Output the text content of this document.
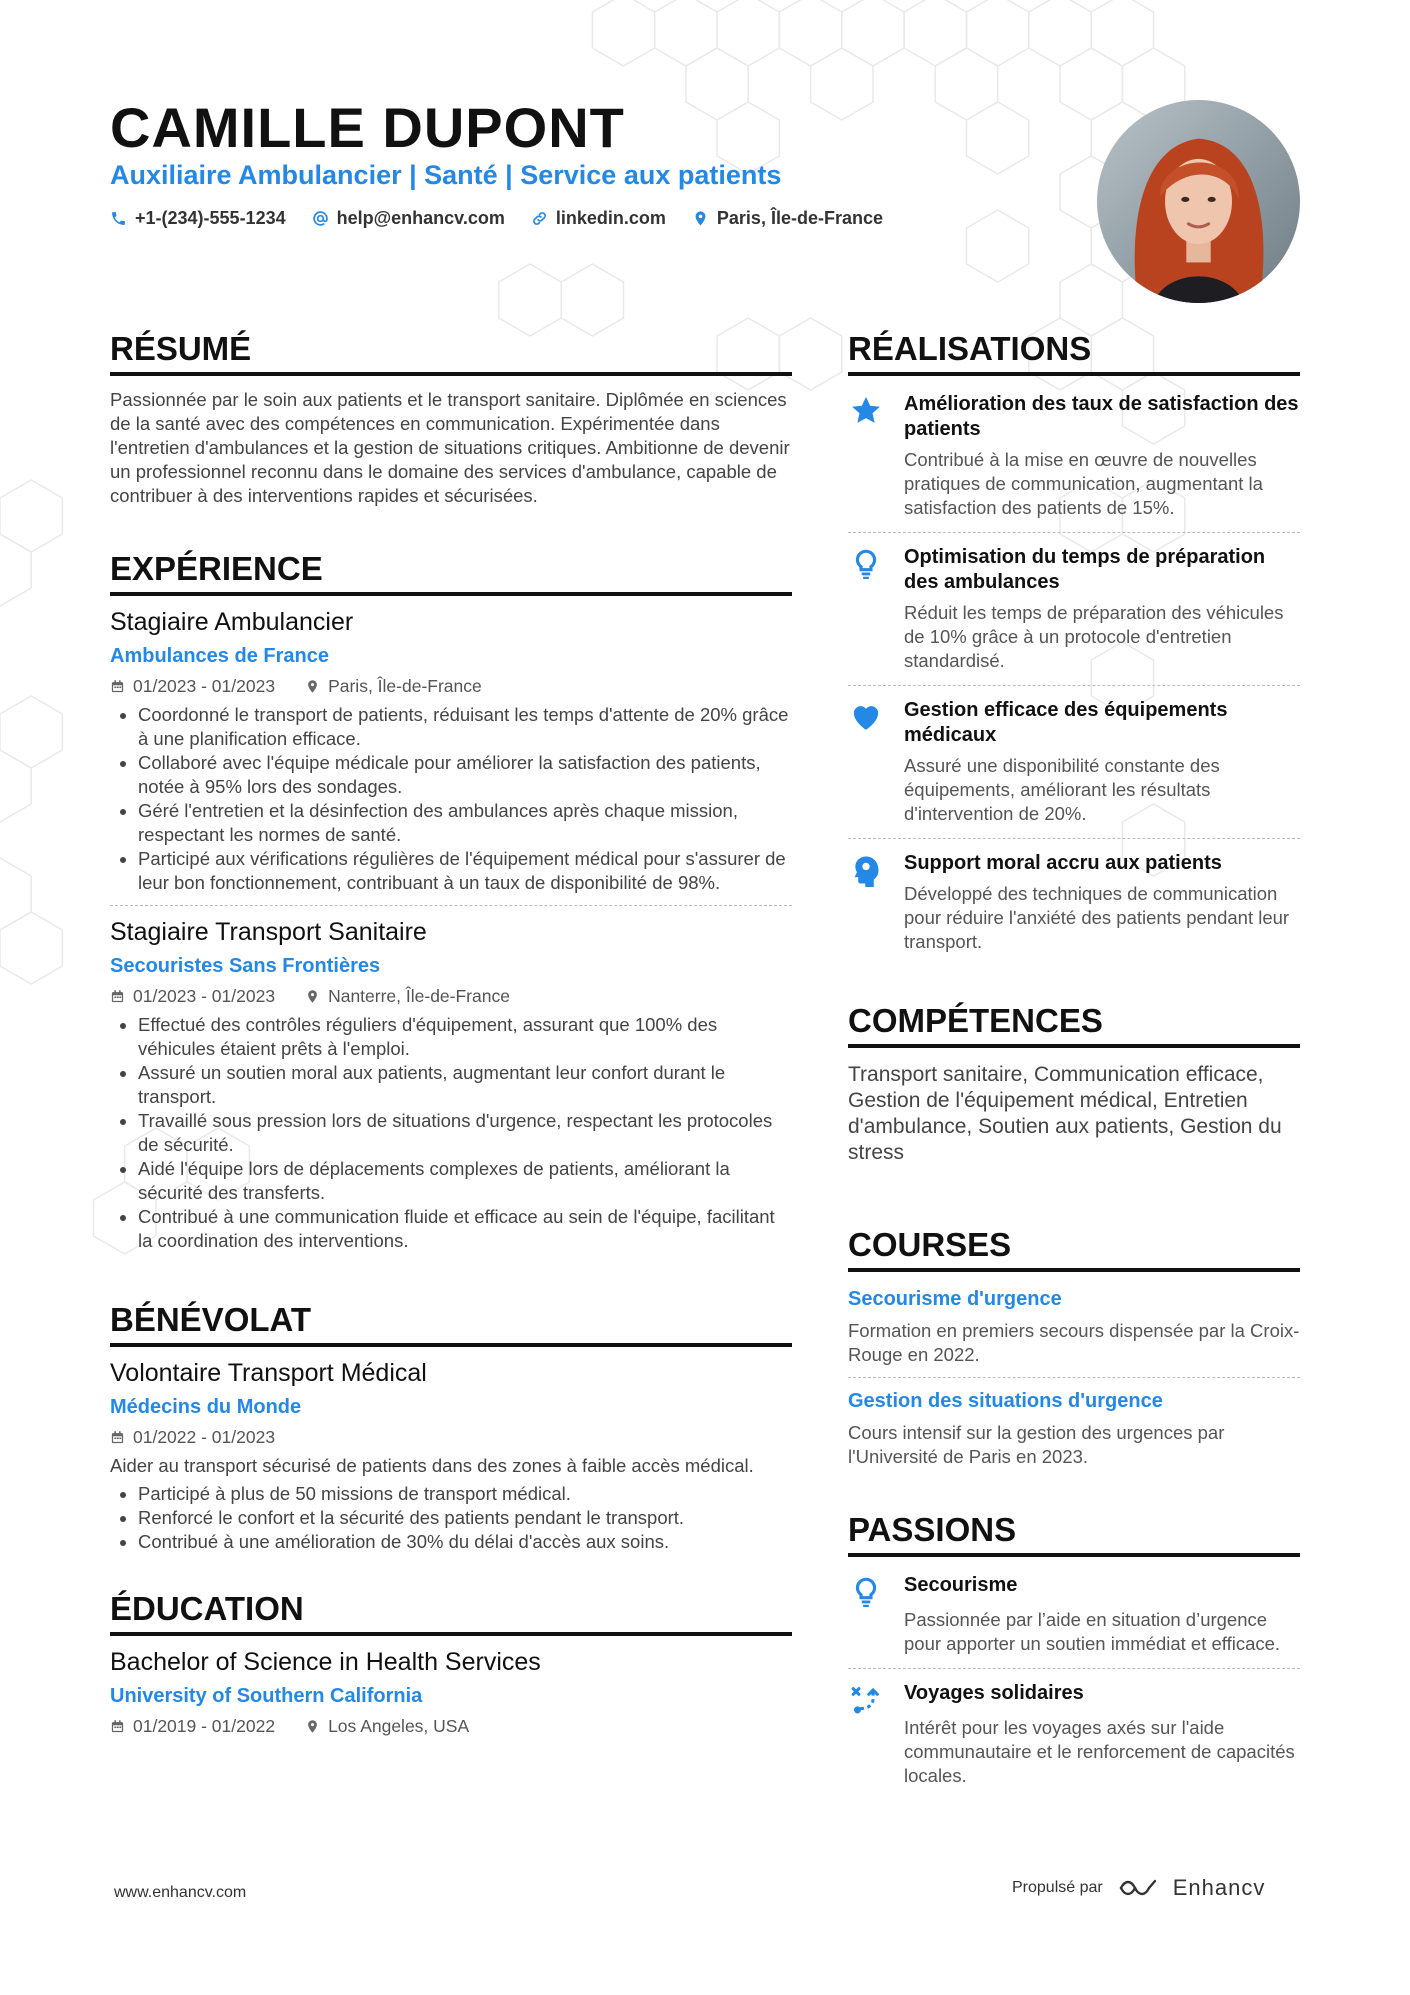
CAMILLE DUPONT
Auxiliaire Ambulancier | Santé | Service aux patients
+1-(234)-555-1234	help@enhancv.com	linkedin.com	Paris, Île-de-France
RÉSUMÉ
Passionnée par le soin aux patients et le transport sanitaire. Diplômée en sciences de la santé avec des compétences en communication. Expérimentée dans l'entretien d'ambulances et la gestion de situations critiques. Ambitionne de devenir un professionnel reconnu dans le domaine des services d'ambulance, capable de contribuer à des interventions rapides et sécurisées.
EXPÉRIENCE
Stagiaire Ambulancier
Ambulances de France
01/2023 - 01/2023	Paris, Île-de-France
• Coordonné le transport de patients, réduisant les temps d'attente de 20% grâce à une planification efficace.
• Collaboré avec l'équipe médicale pour améliorer la satisfaction des patients, notée à 95% lors des sondages.
• Géré l'entretien et la désinfection des ambulances après chaque mission, respectant les normes de santé.
• Participé aux vérifications régulières de l'équipement médical pour s'assurer de leur bon fonctionnement, contribuant à un taux de disponibilité de 98%.
Stagiaire Transport Sanitaire
Secouristes Sans Frontières
01/2023 - 01/2023	Nanterre, Île-de-France
• Effectué des contrôles réguliers d'équipement, assurant que 100% des véhicules étaient prêts à l'emploi.
• Assuré un soutien moral aux patients, augmentant leur confort durant le transport.
• Travaillé sous pression lors de situations d'urgence, respectant les protocoles de sécurité.
• Aidé l'équipe lors de déplacements complexes de patients, améliorant la sécurité des transferts.
• Contribué à une communication fluide et efficace au sein de l'équipe, facilitant la coordination des interventions.
BÉNÉVOLAT
Volontaire Transport Médical
Médecins du Monde
01/2022 - 01/2023
Aider au transport sécurisé de patients dans des zones à faible accès médical.
• Participé à plus de 50 missions de transport médical.
• Renforcé le confort et la sécurité des patients pendant le transport.
• Contribué à une amélioration de 30% du délai d'accès aux soins.
ÉDUCATION
Bachelor of Science in Health Services
University of Southern California
01/2019 - 01/2022	Los Angeles, USA
RÉALISATIONS
Amélioration des taux de satisfaction des patients
Contribué à la mise en œuvre de nouvelles pratiques de communication, augmentant la satisfaction des patients de 15%.
Optimisation du temps de préparation des ambulances
Réduit les temps de préparation des véhicules de 10% grâce à un protocole d'entretien standardisé.
Gestion efficace des équipements médicaux
Assuré une disponibilité constante des équipements, améliorant les résultats d'intervention de 20%.
Support moral accru aux patients
Développé des techniques de communication pour réduire l'anxiété des patients pendant leur transport.
COMPÉTENCES
Transport sanitaire, Communication efficace, Gestion de l'équipement médical, Entretien d'ambulance, Soutien aux patients, Gestion du stress
COURSES
Secourisme d'urgence
Formation en premiers secours dispensée par la Croix-Rouge en 2022.
Gestion des situations d'urgence
Cours intensif sur la gestion des urgences par l'Université de Paris en 2023.
PASSIONS
Secourisme
Passionnée par l’aide en situation d’urgence pour apporter un soutien immédiat et efficace.
Voyages solidaires
Intérêt pour les voyages axés sur l'aide communautaire et le renforcement de capacités locales.
www.enhancv.com	Propulsé par	Enhancv
